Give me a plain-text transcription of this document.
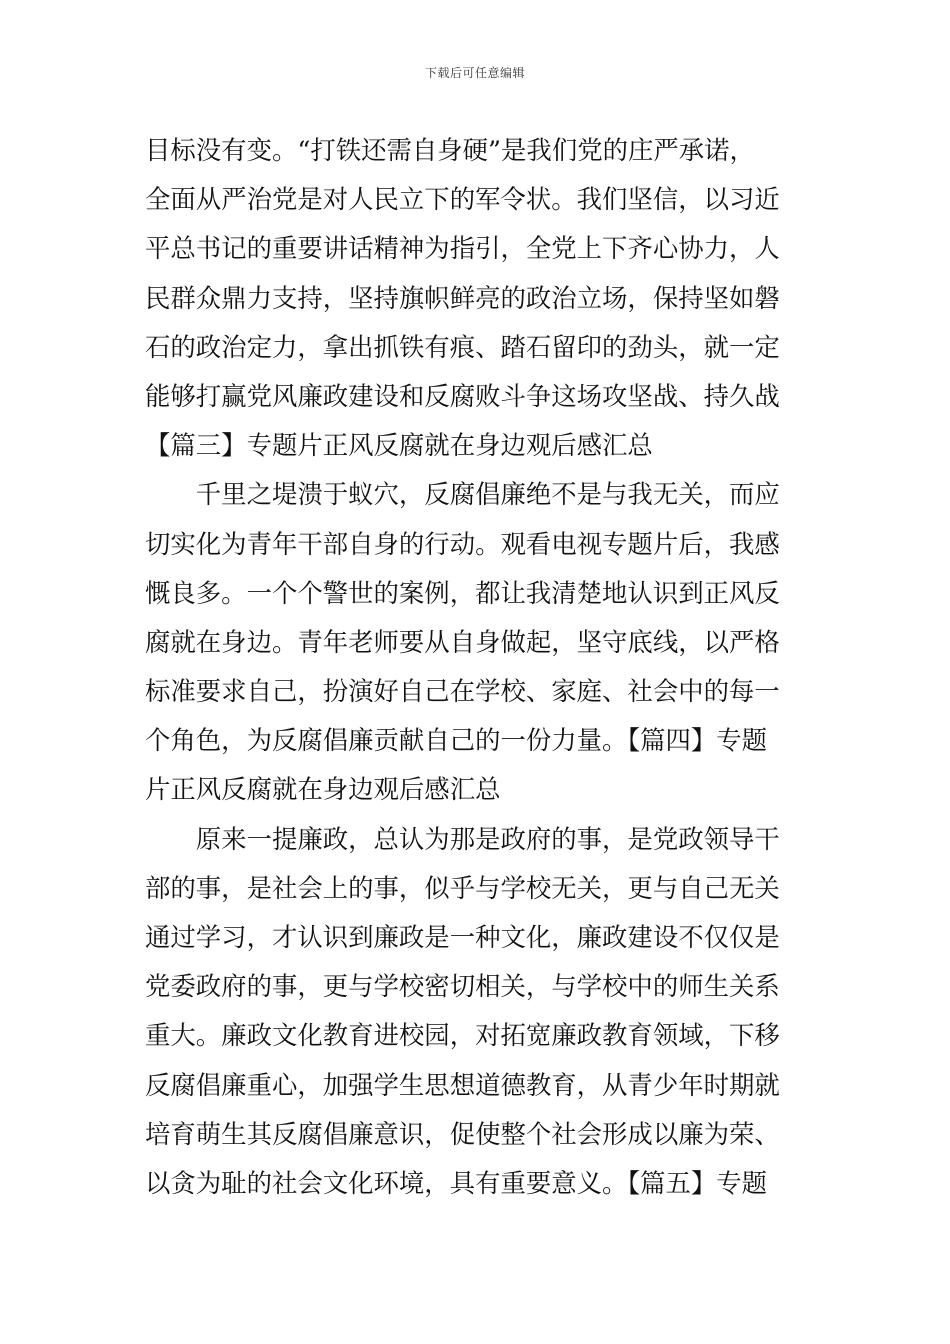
下载后可任意编辑
目标没有变。“打铁还需自身硬”是我们党的庄严承诺，
全面从严治党是对人民立下的军令状。我们坚信，以习近
平总书记的重要讲话精神为指引，全党上下齐心协力，人
民群众鼎力支持，坚持旗帜鲜亮的政治立场，保持坚如磐
石的政治定力，拿出抓铁有痕、踏石留印的劲头，就一定
能够打赢党风廉政建设和反腐败斗争这场攻坚战、持久战
【篇三】专题片正风反腐就在身边观后感汇总
　　千里之堤溃于蚁穴，反腐倡廉绝不是与我无关，而应
切实化为青年干部自身的行动。观看电视专题片后，我感
慨良多。一个个警世的案例，都让我清楚地认识到正风反
腐就在身边。青年老师要从自身做起，坚守底线，以严格
标准要求自己，扮演好自己在学校、家庭、社会中的每一
个角色，为反腐倡廉贡献自己的一份力量。【篇四】专题
片正风反腐就在身边观后感汇总
　　原来一提廉政，总认为那是政府的事，是党政领导干
部的事，是社会上的事，似乎与学校无关，更与自己无关
通过学习，才认识到廉政是一种文化，廉政建设不仅仅是
党委政府的事，更与学校密切相关，与学校中的师生关系
重大。廉政文化教育进校园，对拓宽廉政教育领域，下移
反腐倡廉重心，加强学生思想道德教育，从青少年时期就
培育萌生其反腐倡廉意识，促使整个社会形成以廉为荣、
以贪为耻的社会文化环境，具有重要意义。【篇五】专题
